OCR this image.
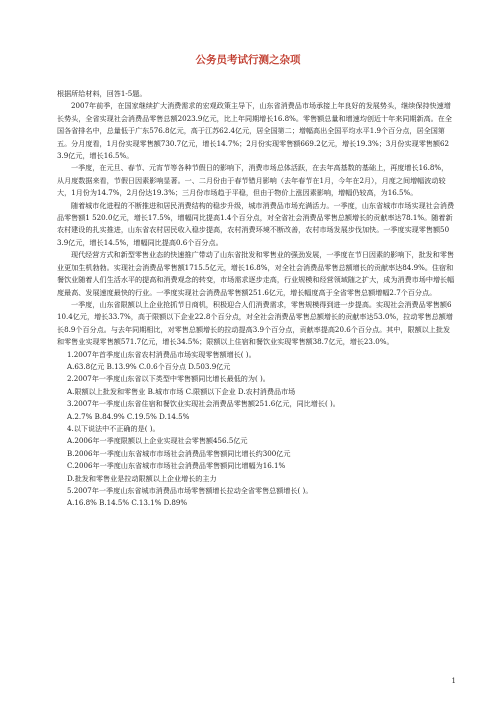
公务员考试行测之杂项

根据所给材料，回答1-5题。

2007年前季，在国家继续扩大消费需求的宏观政策主导下，山东省消费品市场承接上年良好的发展势头，继续保持快速增长势头，全省实现社会消费品零售总额2023.9亿元，比上年同期增长16.8%。零售额总量和增速均创近十年来同期新高。在全国各省排名中，总量低于广东576.8亿元，高于江苏62.4亿元，居全国第二；增幅高出全国平均水平1.9个百分点，居全国第五。分月度看，1月份实现零售额730.7亿元，增长14.7%；2月份实现零售额669.2亿元，增长19.3%；3月份实现零售额623.9亿元，增长16.5%。

一季度，在元旦、春节、元宵节等各种节假日的影响下，消费市场总体活跃，在去年高基数的基础上，再度增长16.8%，从月度数据来看，节假日因素影响显著。一、二月份由于春节错月影响（去年春节在1月，今年在2月），月度之间增幅波动较大，1月份为14.7%，2月份达19.3%；三月份市场趋于平稳，但由于物价上涨因素影响，增幅仍较高，为16.5%。

随着城市化进程的不断推进和居民消费结构的稳步升级，城市消费品市场充满活力。一季度，山东省城市市场实现社会消费品零售额1 520.0亿元，增长17.5%，增幅同比提高1.4个百分点，对全省社会消费品零售总额增长的贡献率达78.1%。随着新农村建设的扎实推进，山东省农村居民收入稳步提高，农村消费环境不断改善，农村市场发展步伐加快。一季度实现零售额503.9亿元，增长14.5%，增幅同比提高0.6个百分点。

现代经营方式和新型零售业态的快速推广带动了山东省批发和零售业的强劲发展，一季度在节日因素的影响下，批发和零售业更加生机勃勃。实现社会消费品零售额1715.5亿元，增长16.8%，对全社会消费品零售总额增长的贡献率达84.9%。住宿和餐饮业随着人们生活水平的提高和消费观念的转变，市场需求逐步走高，行业规模和经营领域随之扩大，成为消费市场中增长幅度最高、发展速度最快的行业。一季度实现社会消费品零售额251.6亿元，增长幅度高于全省零售总额增幅2.7个百分点。

一季度，山东省限额以上企业抢抓节日商机，积极迎合人们消费需求，零售规模得到进一步提高。实现社会消费品零售额610.4亿元，增长33.7%，高于限额以下企业22.8个百分点，对全社会消费品零售总额增长的贡献率达53.0%，拉动零售总额增长8.9个百分点。与去年同期相比，对零售总额增长的拉动提高3.9个百分点，贡献率提高20.6个百分点。其中，限额以上批发和零售业实现零售额571.7亿元，增长34.5%；限额以上住宿和餐饮业实现零售额38.7亿元，增长23.0%。

1.2007年首季度山东省农村消费品市场实现零售额增长( )。

A.63.8亿元 B.13.9% C.0.6个百分点 D.503.9亿元

2.2007年一季度山东省以下类型中零售额同比增长最低的为( )。

A.限额以上批发和零售业 B.城市市场 C.限额以下企业 D.农村消费品市场

3.2007年一季度山东省住宿和餐饮业实现社会消费品零售额251.6亿元，同比增长( )。

A.2.7% B.84.9% C.19.5% D.14.5%

4.以下说法中不正确的是( )。

A.2006年一季度限额以上企业实现社会零售额456.5亿元

B.2006年一季度山东省城市市场社会消费品零售额同比增长约300亿元

C.2006年一季度山东省城市市场社会消费品零售额同比增幅为16.1%

D.批发和零售业是拉动限额以上企业增长的主力

5.2007年一季度山东省城市消费品市场零售额增长拉动全省零售总额增长( )。

A.16.8% B.14.5% C.13.1% D.89%

1
